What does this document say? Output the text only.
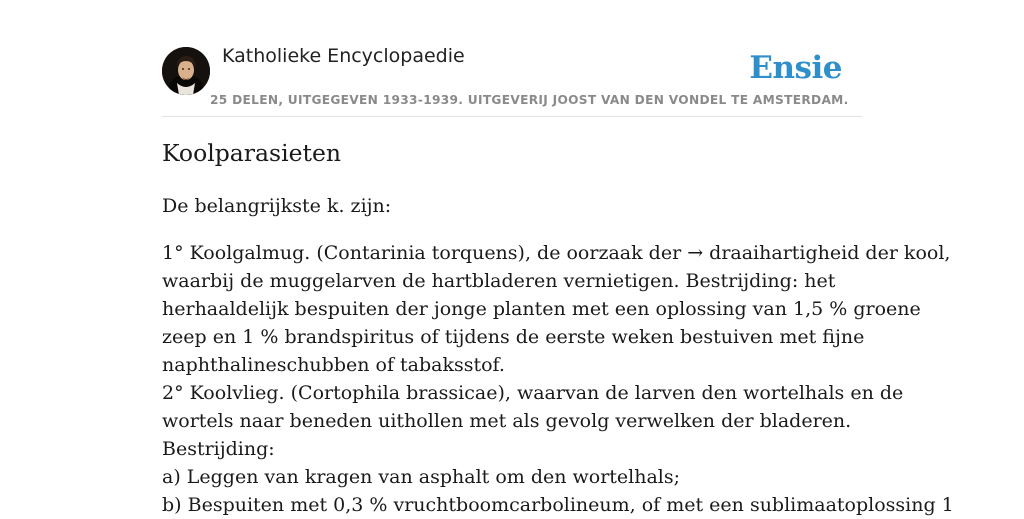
Katholieke Encyclopaedie
25 DELEN, UITGEGEVEN 1933-1939. UITGEVERIJ JOOST VAN DEN VONDEL TE AMSTERDAM.
Ensie
Koolparasieten

De belangrijkste k. zijn:

1° Koolgalmug. (Contarinia torquens), de oorzaak der → draaihartigheid der kool,

waarbij de muggelarven de hartbladeren vernietigen. Bestrijding: het

herhaaldelijk bespuiten der jonge planten met een oplossing van 1,5 % groene

zeep en 1 % brandspiritus of tijdens de eerste weken bestuiven met fijne

naphthalineschubben of tabaksstof.

2° Koolvlieg. (Cortophila brassicae), waarvan de larven den wortelhals en de

wortels naar beneden uithollen met als gevolg verwelken der bladeren.

Bestrijding:

a) Leggen van kragen van asphalt om den wortelhals;

b) Bespuiten met 0,3 % vruchtboomcarbolineum, of met een sublimaatoplossing 1
